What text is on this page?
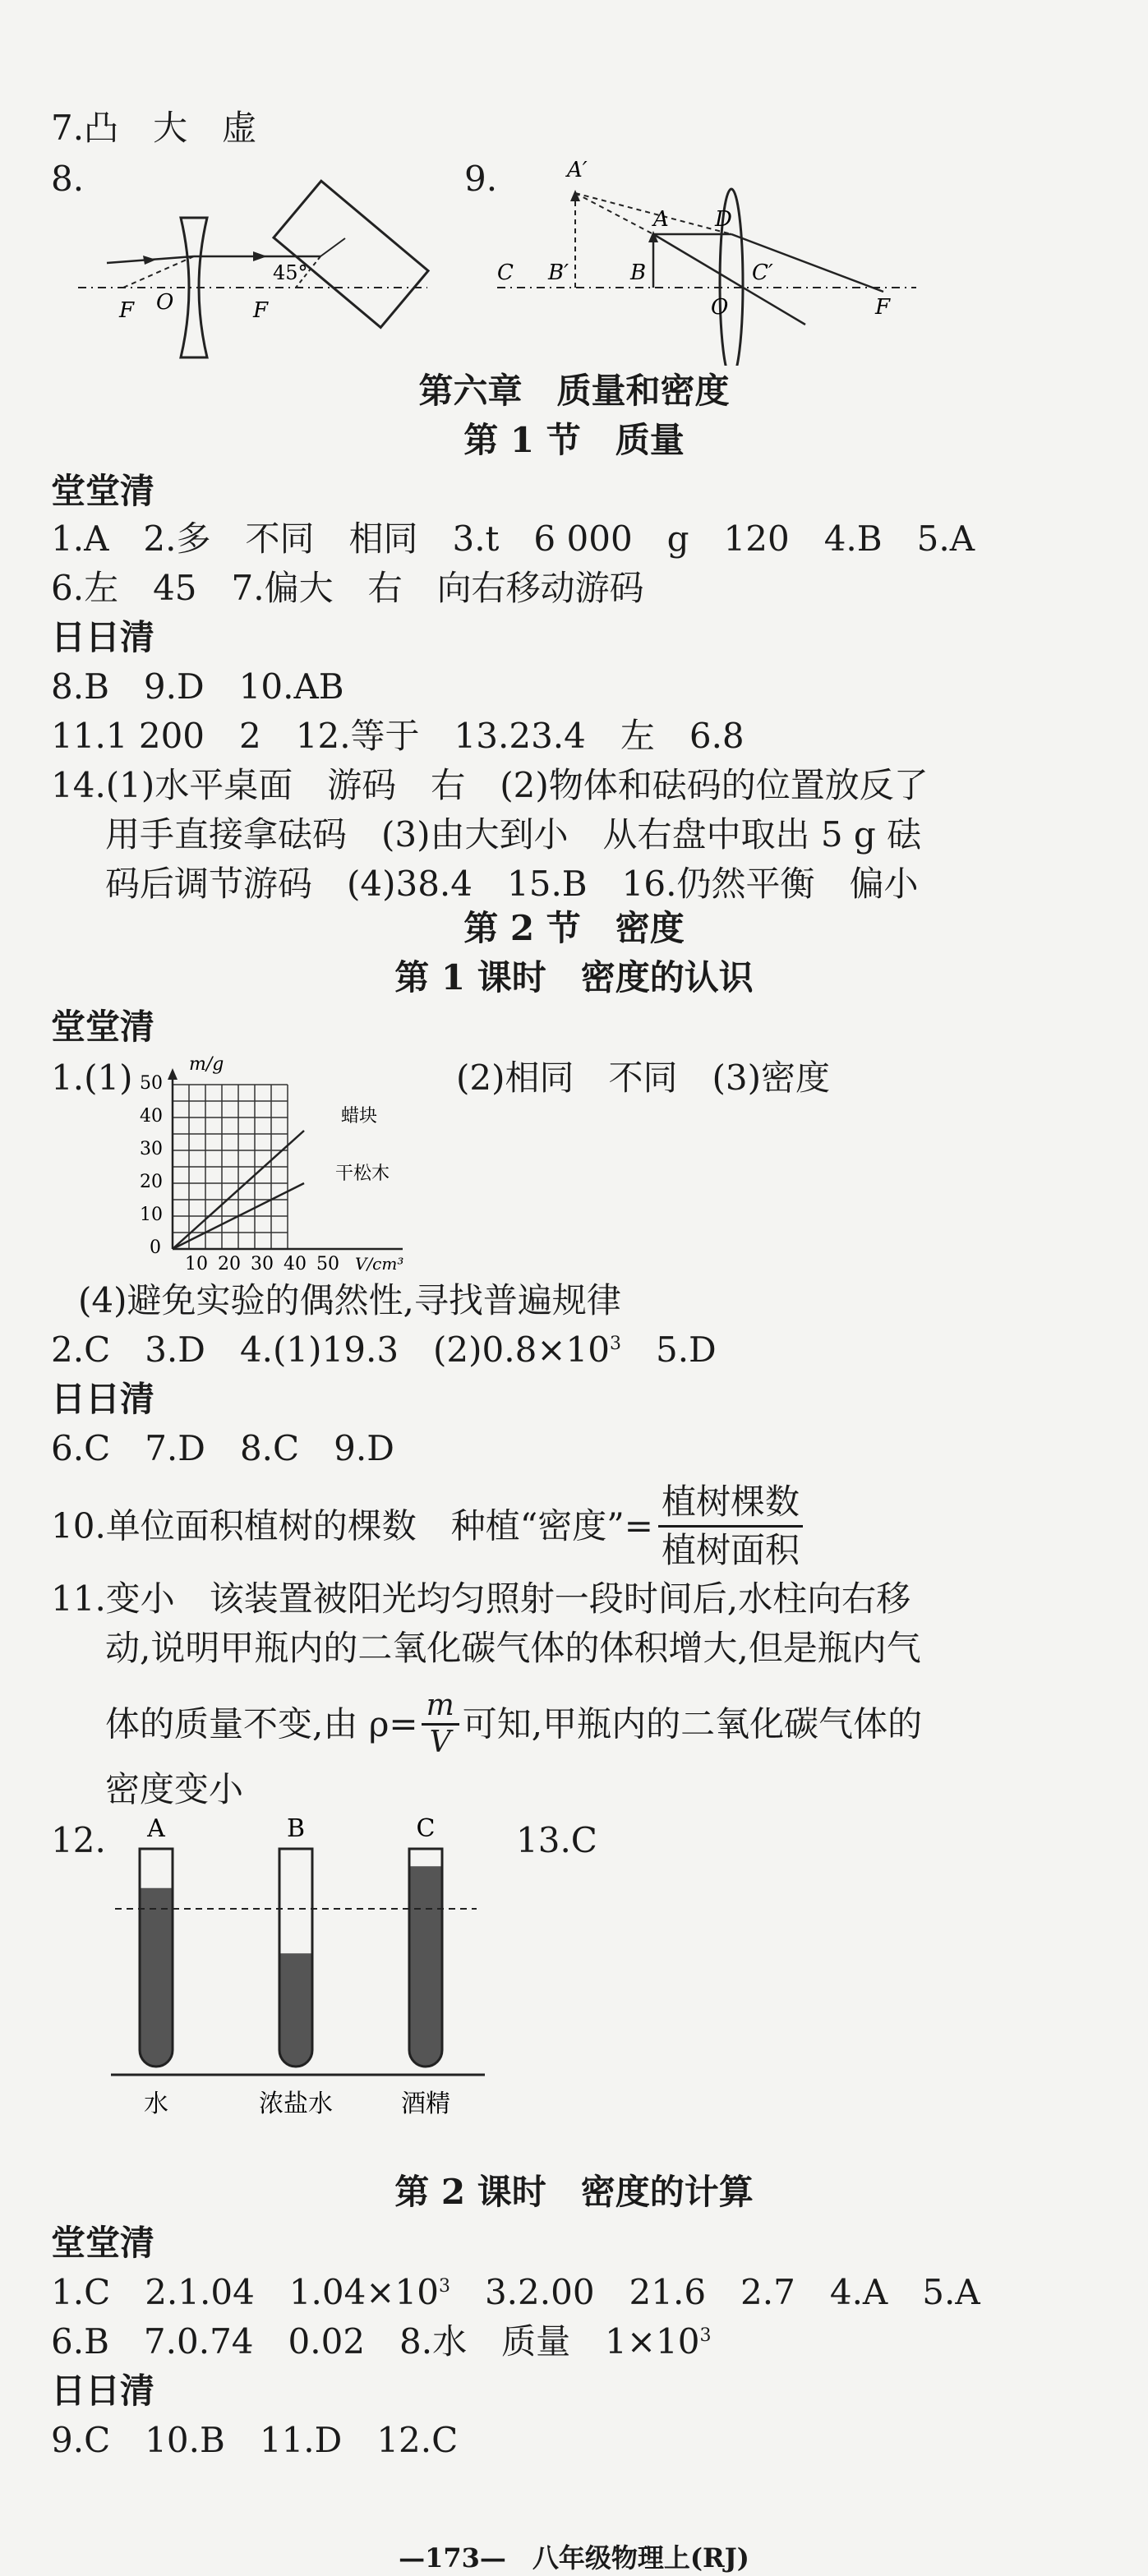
7.凸　大　虚
8.
F O	F
45°
9.	A′
A D
C B′	B	C′
O	F
第六章　质量和密度
第 1 节　质量
堂堂清
1.A　2.多　不同　相同　3.t　6 000　g　120　4.B　5.A
6.左　45　7.偏大　右　向右移动游码
日日清
8.B　9.D　10.AB
11.1 200　2　12.等于　13.23.4　左　6.8
14.(1)水平桌面　游码　右　(2)物体和砝码的位置放反了
用手直接拿砝码　(3)由大到小　从右盘中取出 5 g 砝
码后调节游码　(4)38.4　15.B　16.仍然平衡　偏小
第 2 节　密度
第 1 课时　密度的认识
堂堂清
1.(1)	m/g
V/cm³
50
40
30
20
10
0
10 20 30 40 50
蜡块
干松木
(2)相同　不同　(3)密度
(4)避免实验的偶然性,寻找普遍规律
2.C　3.D　4.(1)19.3　$(2)0.8\times 10^3$　5.D
日日清
6.C　7.D　8.C　9.D
10.单位面积植树的棵数　种植“密度”= $\frac{\text{植树棵数}}{\text{植树面积}}$
11.变小　该装置被阳光均匀照射一段时间后,水柱向右移
动,说明甲瓶内的二氧化碳气体的体积增大,但是瓶内气
体的质量不变,由 $\rho= \frac{m}{V}$ 可知,甲瓶内的二氧化碳气体的
密度变小
12. A	B	C
水	浓盐水	酒精
13.C
第 2 课时　密度的计算
堂堂清
1.C　2.1.04　$1.04\times 10^3$　3.2.00　21.6　2.7　4.A　5.A
6.B　7.0.74　0.02　8.水　质量　$1\times 10^3$
日日清
9.C　10.B　11.D　12.C
—173—　八年级物理上(RJ)
